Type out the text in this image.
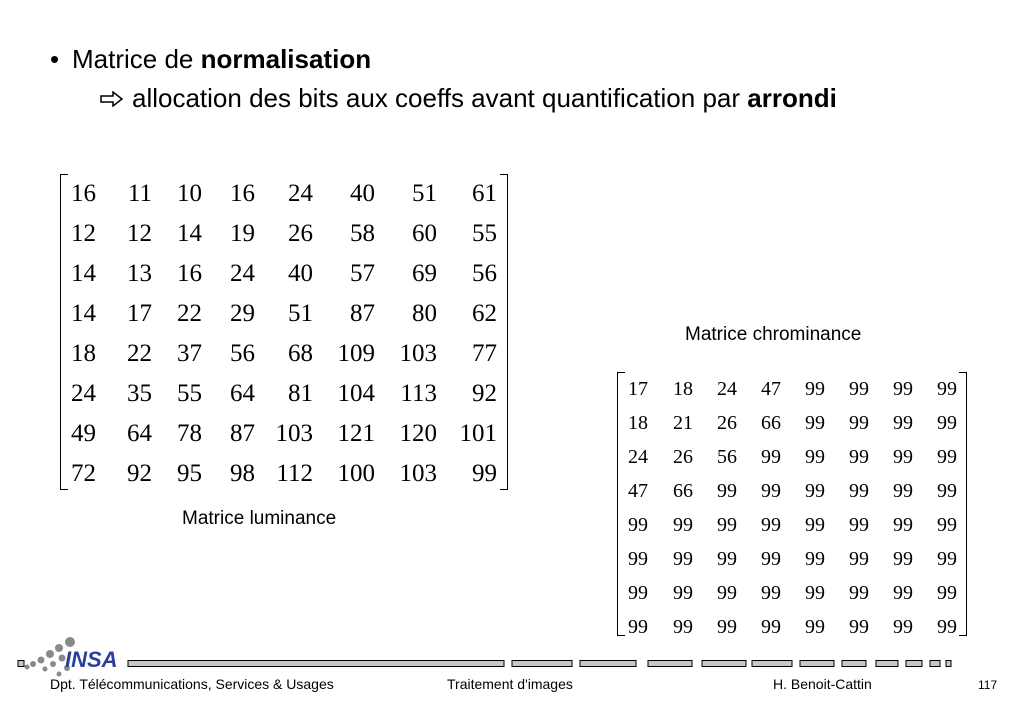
• Matrice de normalisation
allocation des bits aux coeffs avant quantification par arrondi
16	11	10	16	24	40	51	61
12	12	14	19	26	58	60	55
14	13	16	24	40	57	69	56
14	17	22	29	51	87	80	62
18	22	37	56	68	109	103	77
24	35	55	64	81	104	113	92
49	64	78	87	103	121	120	101
72	92	95	98	112	100	103	99
Matrice luminance
Matrice chrominance
17	18	24	47	99	99	99	99
18	21	26	66	99	99	99	99
24	26	56	99	99	99	99	99
47	66	99	99	99	99	99	99
99	99	99	99	99	99	99	99
99	99	99	99	99	99	99	99
99	99	99	99	99	99	99	99
99	99	99	99	99	99	99	99
INSA
Dpt. Télécommunications, Services & Usages	Traitement d'images	H. Benoit-Cattin	117
